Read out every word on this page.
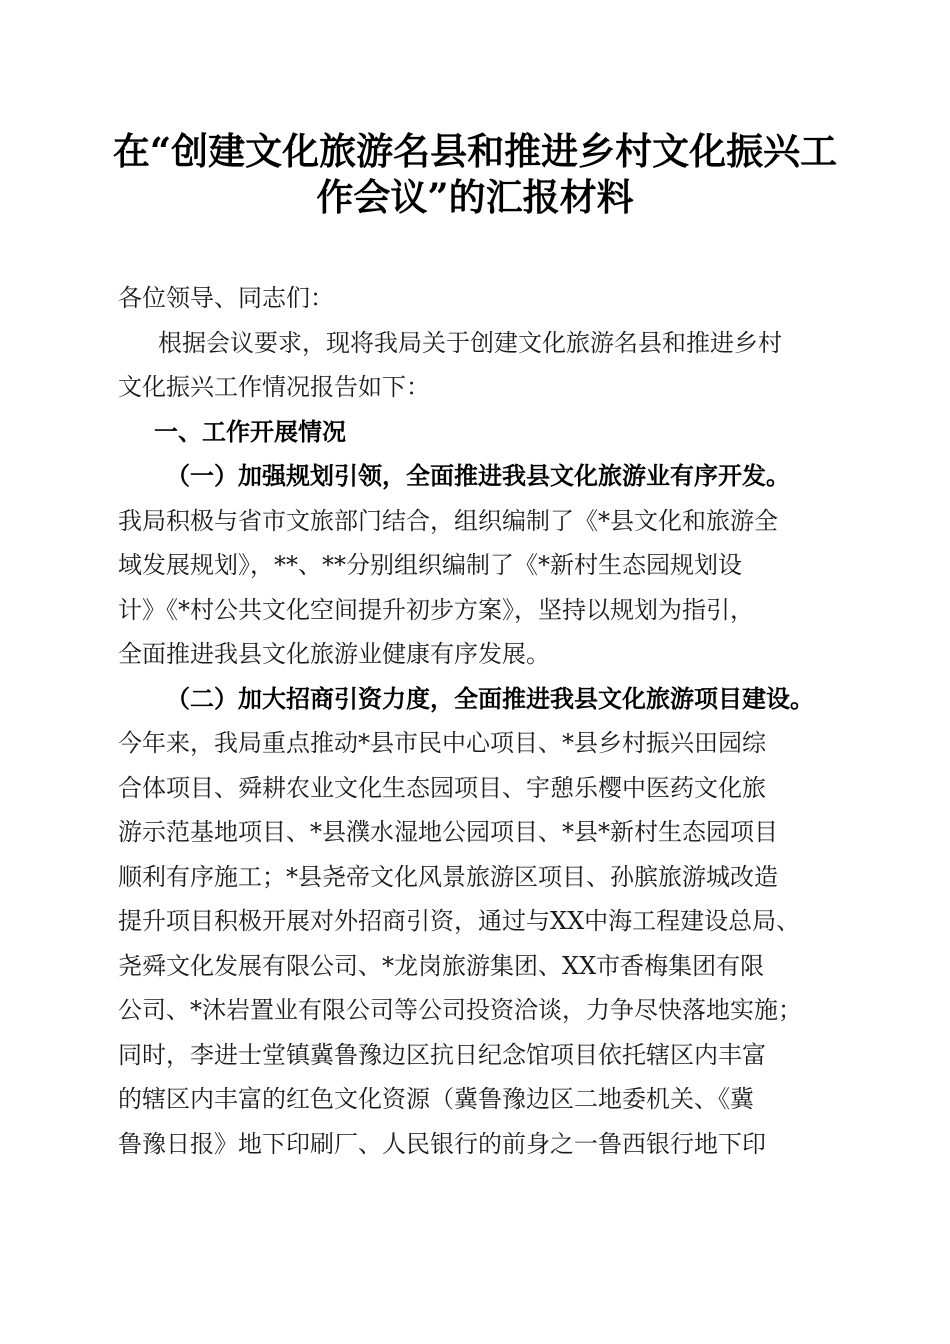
在“创建文化旅游名县和推进乡村文化振兴工
作会议”的汇报材料

各位领导、同志们：

根据会议要求，现将我局关于创建文化旅游名县和推进乡村

文化振兴工作情况报告如下：

一、工作开展情况

（一）加强规划引领，全面推进我县文化旅游业有序开发。

我局积极与省市文旅部门结合，组织编制了《*县文化和旅游全

域发展规划》，**、**分别组织编制了《*新村生态园规划设

计》《*村公共文化空间提升初步方案》，坚持以规划为指引，

全面推进我县文化旅游业健康有序发展。

（二）加大招商引资力度，全面推进我县文化旅游项目建设。

今年来，我局重点推动*县市民中心项目、*县乡村振兴田园综

合体项目、舜耕农业文化生态园项目、宇憩乐樱中医药文化旅

游示范基地项目、*县濮水湿地公园项目、*县*新村生态园项目

顺利有序施工；*县尧帝文化风景旅游区项目、孙膑旅游城改造

提升项目积极开展对外招商引资，通过与XX中海工程建设总局、

尧舜文化发展有限公司、*龙岗旅游集团、XX市香梅集团有限

公司、*沐岩置业有限公司等公司投资洽谈，力争尽快落地实施；

同时，李进士堂镇冀鲁豫边区抗日纪念馆项目依托辖区内丰富

的辖区内丰富的红色文化资源（冀鲁豫边区二地委机关、《冀

鲁豫日报》地下印刷厂、人民银行的前身之一鲁西银行地下印
